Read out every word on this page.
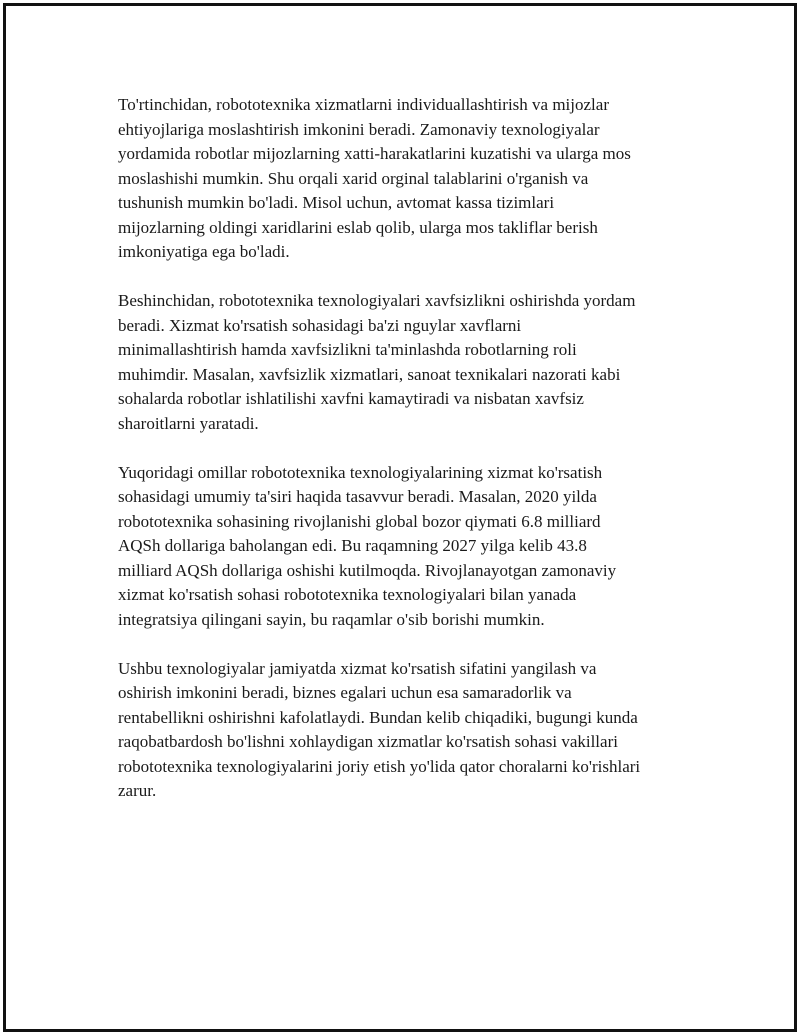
To'rtinchidan, robototexnika xizmatlarni individuallashtirish va mijozlar
ehtiyojlariga moslashtirish imkonini beradi. Zamonaviy texnologiyalar
yordamida robotlar mijozlarning xatti-harakatlarini kuzatishi va ularga mos
moslashishi mumkin. Shu orqali xarid orginal talablarini o'rganish va
tushunish mumkin bo'ladi. Misol uchun, avtomat kassa tizimlari
mijozlarning oldingi xaridlarini eslab qolib, ularga mos takliflar berish
imkoniyatiga ega bo'ladi.

Beshinchidan, robototexnika texnologiyalari xavfsizlikni oshirishda yordam
beradi. Xizmat ko'rsatish sohasidagi ba'zi nguylar xavflarni
minimallashtirish hamda xavfsizlikni ta'minlashda robotlarning roli
muhimdir. Masalan, xavfsizlik xizmatlari, sanoat texnikalari nazorati kabi
sohalarda robotlar ishlatilishi xavfni kamaytiradi va nisbatan xavfsiz
sharoitlarni yaratadi.

Yuqoridagi omillar robototexnika texnologiyalarining xizmat ko'rsatish
sohasidagi umumiy ta'siri haqida tasavvur beradi. Masalan, 2020 yilda
robototexnika sohasining rivojlanishi global bozor qiymati 6.8 milliard
AQSh dollariga baholangan edi. Bu raqamning 2027 yilga kelib 43.8
milliard AQSh dollariga oshishi kutilmoqda. Rivojlanayotgan zamonaviy
xizmat ko'rsatish sohasi robototexnika texnologiyalari bilan yanada
integratsiya qilingani sayin, bu raqamlar o'sib borishi mumkin.

Ushbu texnologiyalar jamiyatda xizmat ko'rsatish sifatini yangilash va
oshirish imkonini beradi, biznes egalari uchun esa samaradorlik va
rentabellikni oshirishni kafolatlaydi. Bundan kelib chiqadiki, bugungi kunda
raqobatbardosh bo'lishni xohlaydigan xizmatlar ko'rsatish sohasi vakillari
robototexnika texnologiyalarini joriy etish yo'lida qator choralarni ko'rishlari
zarur.
